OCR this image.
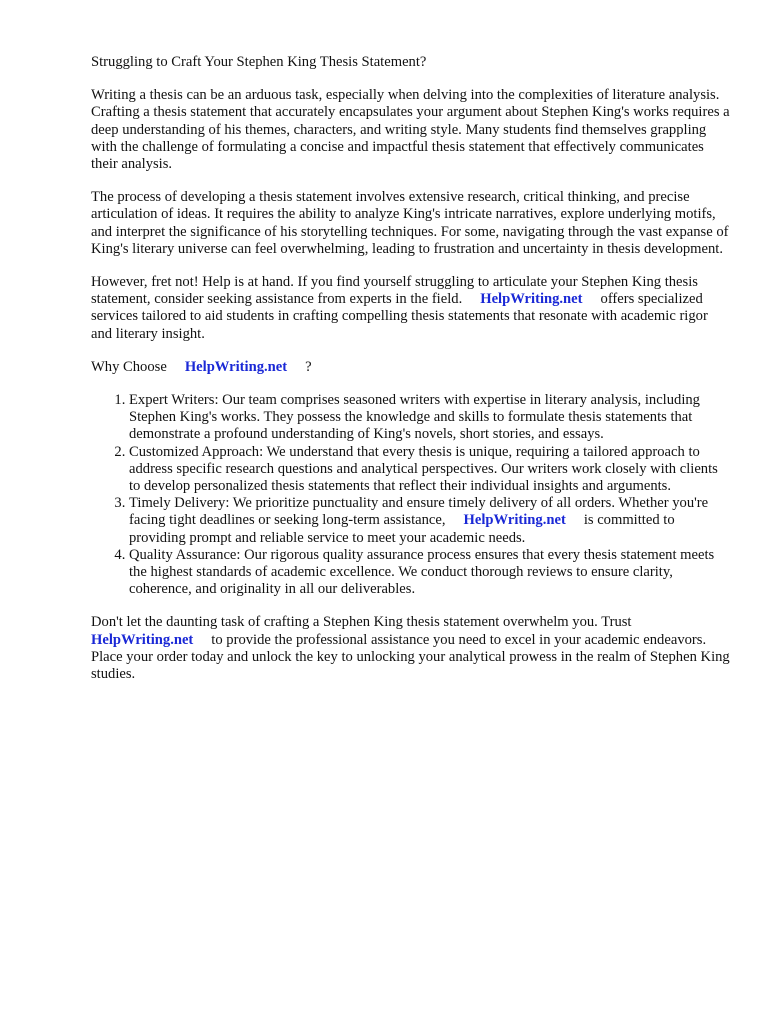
Struggling to Craft Your Stephen King Thesis Statement?

Writing a thesis can be an arduous task, especially when delving into the complexities of literature analysis. Crafting a thesis statement that accurately encapsulates your argument about Stephen King's works requires a deep understanding of his themes, characters, and writing style. Many students find themselves grappling with the challenge of formulating a concise and impactful thesis statement that effectively communicates their analysis.

The process of developing a thesis statement involves extensive research, critical thinking, and precise articulation of ideas. It requires the ability to analyze King's intricate narratives, explore underlying motifs, and interpret the significance of his storytelling techniques. For some, navigating through the vast expanse of King's literary universe can feel overwhelming, leading to frustration and uncertainty in thesis development.

However, fret not! Help is at hand. If you find yourself struggling to articulate your Stephen King thesis statement, consider seeking assistance from experts in the field. HelpWriting.net offers specialized services tailored to aid students in crafting compelling thesis statements that resonate with academic rigor and literary insight.

Why Choose HelpWriting.net ?

1. Expert Writers: Our team comprises seasoned writers with expertise in literary analysis, including Stephen King's works. They possess the knowledge and skills to formulate thesis statements that demonstrate a profound understanding of King's novels, short stories, and essays.
2. Customized Approach: We understand that every thesis is unique, requiring a tailored approach to address specific research questions and analytical perspectives. Our writers work closely with clients to develop personalized thesis statements that reflect their individual insights and arguments.
3. Timely Delivery: We prioritize punctuality and ensure timely delivery of all orders. Whether you're facing tight deadlines or seeking long-term assistance, HelpWriting.net is committed to providing prompt and reliable service to meet your academic needs.
4. Quality Assurance: Our rigorous quality assurance process ensures that every thesis statement meets the highest standards of academic excellence. We conduct thorough reviews to ensure clarity, coherence, and originality in all our deliverables.

Don't let the daunting task of crafting a Stephen King thesis statement overwhelm you. Trust HelpWriting.net to provide the professional assistance you need to excel in your academic endeavors. Place your order today and unlock the key to unlocking your analytical prowess in the realm of Stephen King studies.
